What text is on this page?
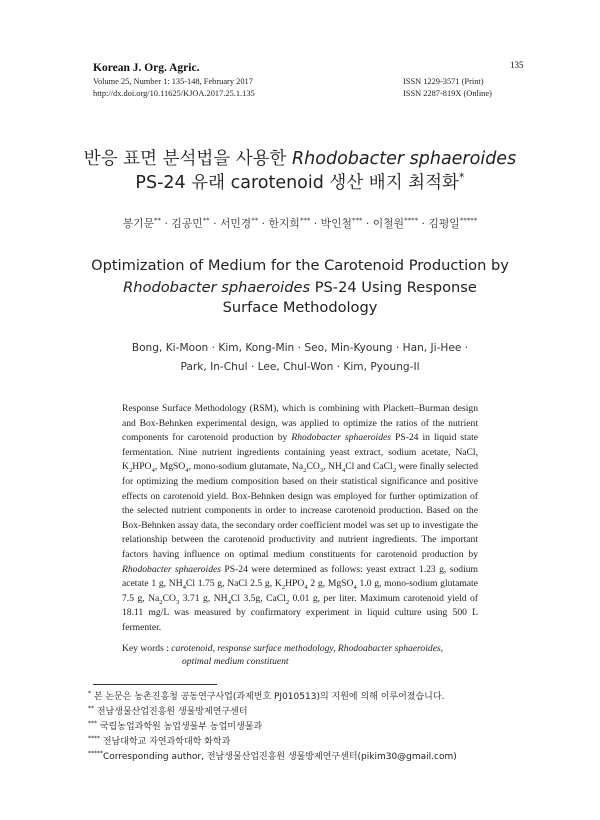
Korean J. Org. Agric.
Volume 25, Number 1: 135-148, February 2017
http://dx.doi.org/10.11625/KJOA.2017.25.1.135
ISSN 1229-3571 (Print)
ISSN 2287-819X (Online)
135
반응 표면 분석법을 사용한 Rhodobacter sphaeroides
PS-24 유래 carotenoid 생산 배지 최적화*
봉기문** · 김공민** · 서민경** · 한지희*** · 박인철*** · 이철원**** · 김평일*****
Optimization of Medium for the Carotenoid Production by
Rhodobacter sphaeroides PS-24 Using Response
Surface Methodology
Bong, Ki-Moon · Kim, Kong-Min · Seo, Min-Kyoung · Han, Ji-Hee ·
Park, In-Chul · Lee, Chul-Won · Kim, Pyoung-Il

Response Surface Methodology (RSM), which is combining with Plackett–Burman design and Box-Behnken experimental design, was applied to optimize the ratios of the nutrient components for carotenoid production by Rhodobacter sphaeroides PS-24 in liquid state fermentation. Nine nutrient ingredients containing yeast extract, sodium acetate, NaCl, $K_2HPO_4$, MgSO$_4$, mono-sodium glutamate, $Na_2CO_3$, $NH_4Cl$ and CaCl$_2$ were finally selected for optimizing the medium composition based on their statistical significance and positive effects on carotenoid yield. Box-Behnken design was employed for further optimization of the selected nutrient components in order to increase carotenoid production. Based on the Box-Behnken assay data, the secondary order coefficient model was set up to investigate the relationship between the carotenoid productivity and nutrient ingredients. The important factors having influence on optimal medium constituents for carotenoid production by Rhodobacter sphaeroides PS-24 were determined as follows: yeast extract 1.23 g, sodium acetate 1 g, $NH_4Cl$ 1.75 g, NaCl 2.5 g, $K_2HPO_4$ 2 g, MgSO$_4$ 1.0 g, mono-sodium glutamate 7.5 g, $Na_2CO_3$ 3.71 g, $NH_4Cl$ 3.5g, CaCl$_2$ 0.01 g, per liter. Maximum carotenoid yield of 18.11 mg/L was measured by confirmatory experiment in liquid culture using 500 L fermenter.

Key words : carotenoid, response surface methodology, Rhodoabacter sphaeroides,
optimal medium constituent
* 본 논문은 농촌진흥청 공동연구사업(과제번호 PJ010513)의 지원에 의해 이루어졌습니다.
** 전남생물산업진흥원 생물방제연구센터
*** 국립농업과학원 농업생물부 농업미생물과
**** 전남대학교 자연과학대학 화학과
*****Corresponding author, 전남생물산업진흥원 생물방제연구센터(pikim30@gmail.com)
